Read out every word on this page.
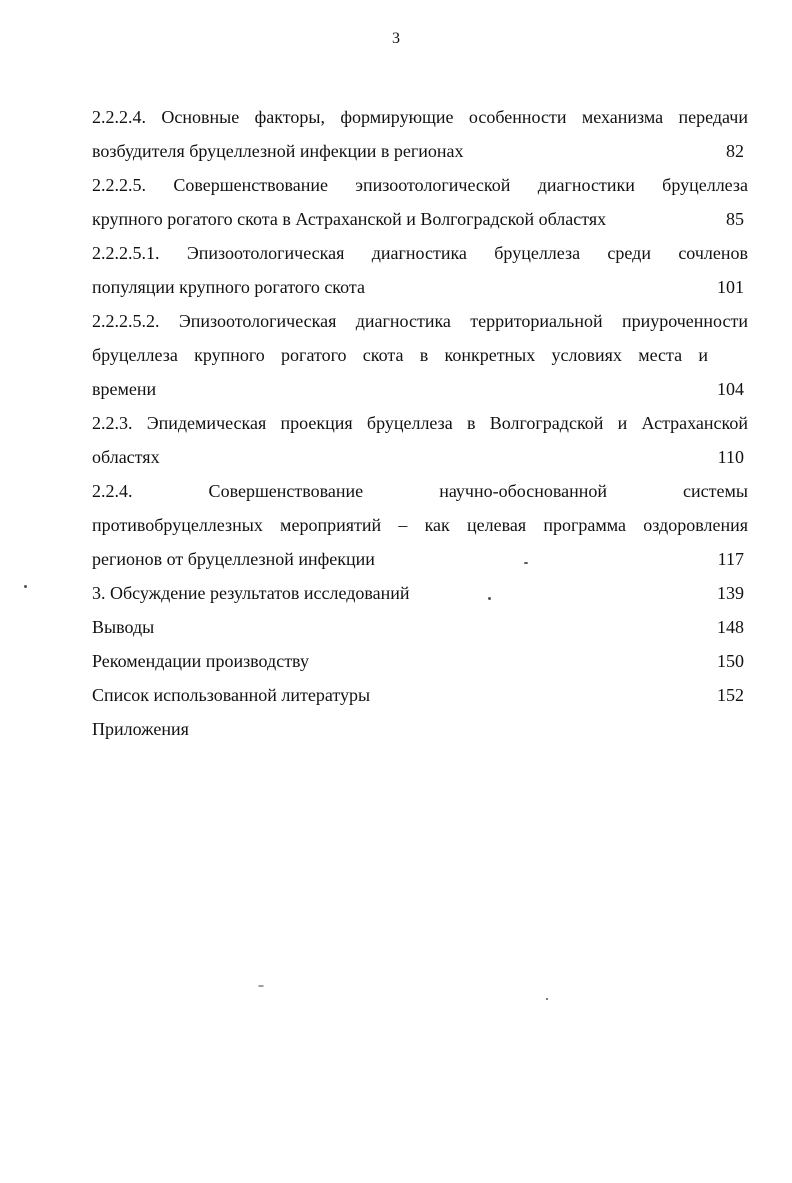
3
2.2.2.4. Основные факторы, формирующие особенности механизма передачи
возбудителя бруцеллезной инфекции в регионах	82
2.2.2.5. Совершенствование эпизоотологической диагностики бруцеллеза
крупного рогатого скота в Астраханской и Волгоградской областях	85
2.2.2.5.1. Эпизоотологическая диагностика бруцеллеза среди сочленов
популяции крупного рогатого скота	101
2.2.2.5.2. Эпизоотологическая диагностика территориальной приуроченности
бруцеллеза крупного рогатого скота в конкретных условиях места и
времени	104
2.2.3. Эпидемическая проекция бруцеллеза в Волгоградской и Астраханской
областях	110
2.2.4. Совершенствование научно-обоснованной системы
противобруцеллезных мероприятий – как целевая программа оздоровления
регионов от бруцеллезной инфекции	117
3. Обсуждение результатов исследований	139
Выводы	148
Рекомендации производству	150
Список использованной литературы	152
Приложения
